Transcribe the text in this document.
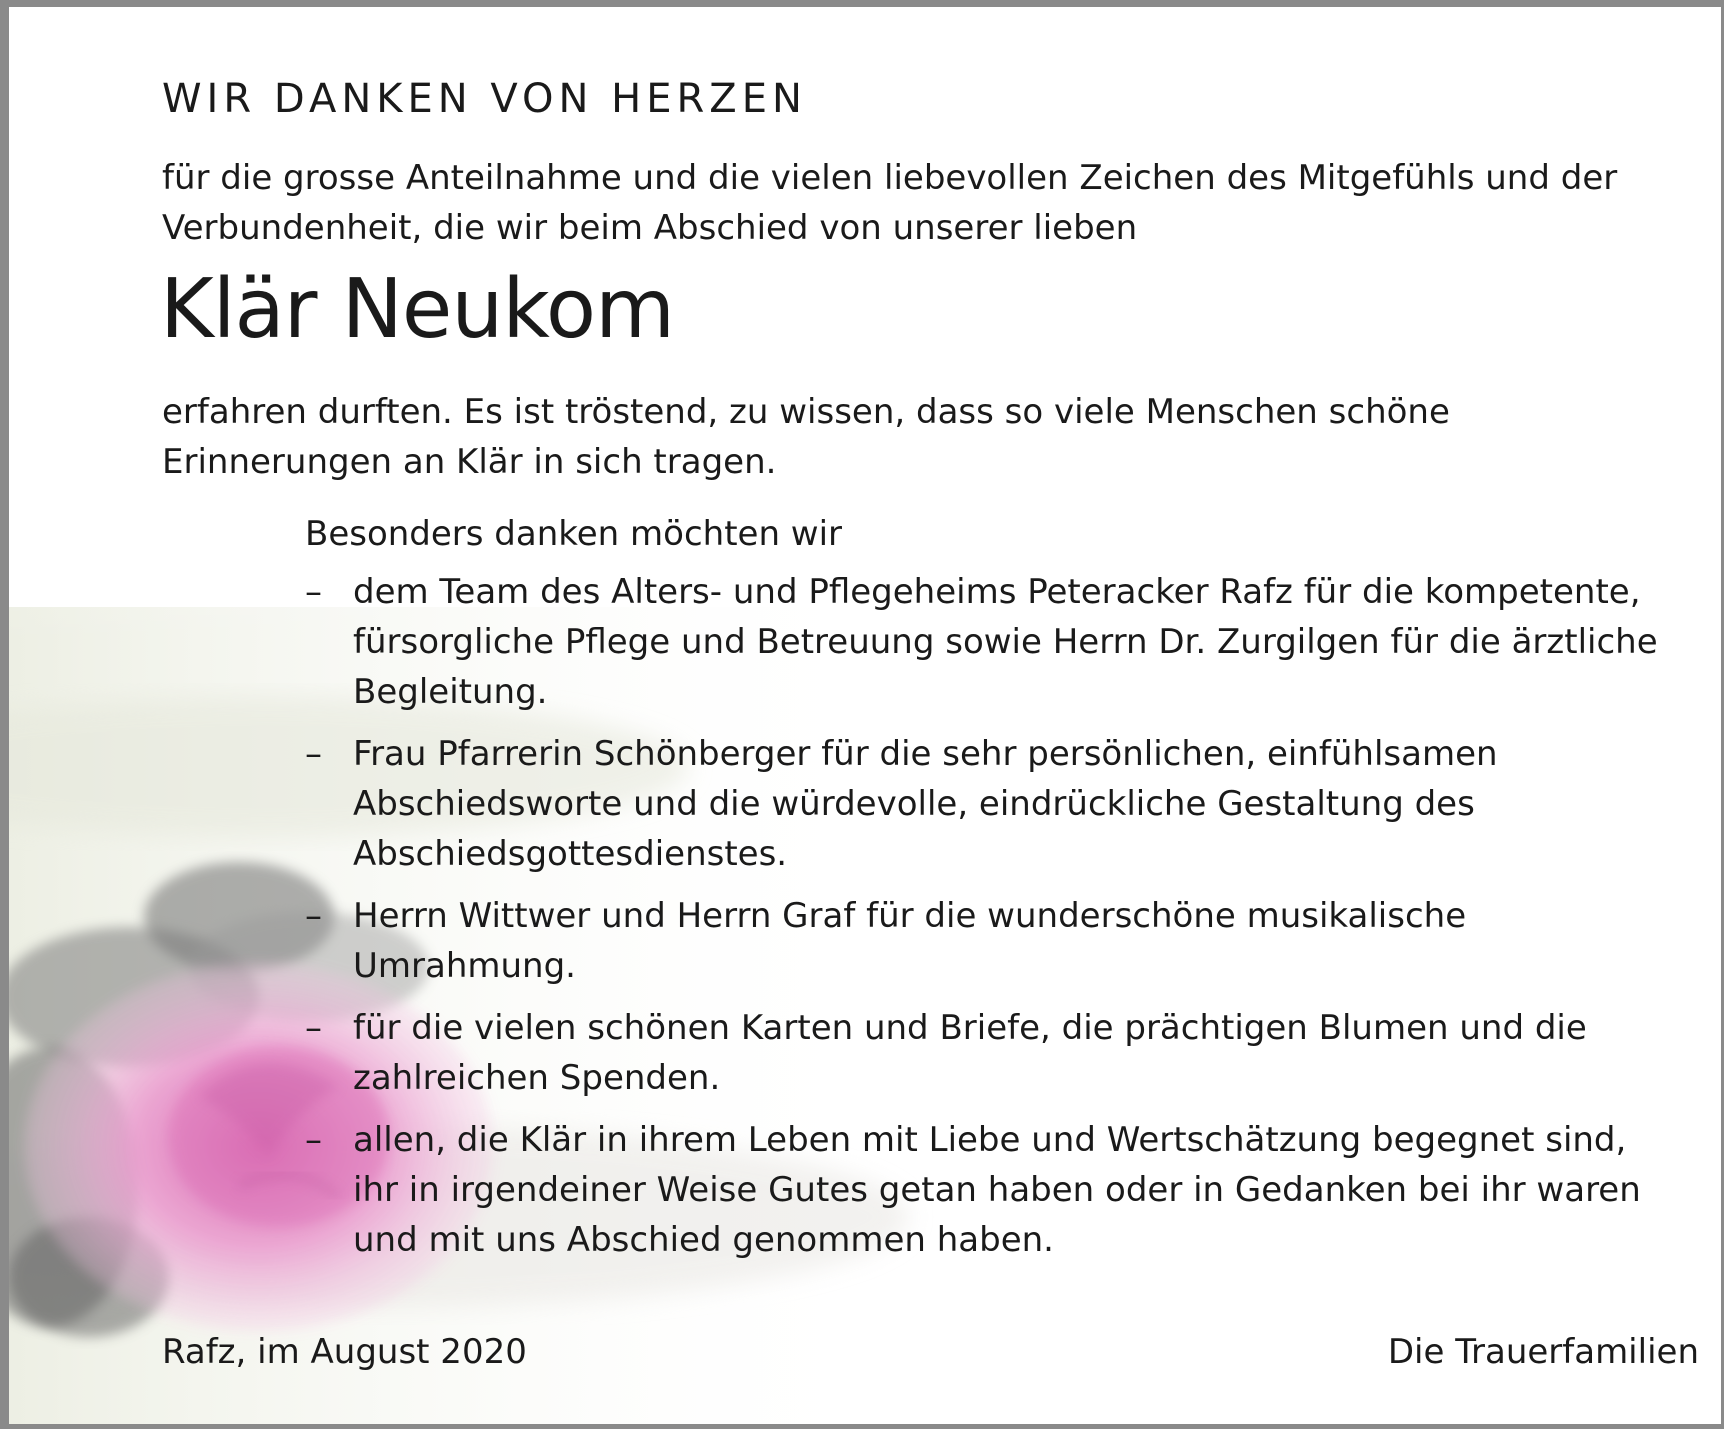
WIR DANKEN VON HERZEN

für die grosse Anteilnahme und die vielen liebevollen Zeichen des Mitgefühls und der Verbundenheit, die wir beim Abschied von unserer lieben

Klär Neukom

erfahren durften. Es ist tröstend, zu wissen, dass so viele Menschen schöne Erinnerungen an Klär in sich tragen.

Besonders danken möchten wir

– dem Team des Alters- und Pflegeheims Peteracker Rafz für die kompetente, fürsorgliche Pflege und Betreuung sowie Herrn Dr. Zurgilgen für die ärztliche Begleitung.
– Frau Pfarrerin Schönberger für die sehr persönlichen, einfühlsamen Abschiedsworte und die würdevolle, eindrückliche Gestaltung des Abschiedsgottesdienstes.
– Herrn Wittwer und Herrn Graf für die wunderschöne musikalische Umrahmung.
– für die vielen schönen Karten und Briefe, die prächtigen Blumen und die zahlreichen Spenden.
– allen, die Klär in ihrem Leben mit Liebe und Wertschätzung begegnet sind, ihr in irgendeiner Weise Gutes getan haben oder in Gedanken bei ihr waren und mit uns Abschied genommen haben.

Rafz, im August 2020	Die Trauerfamilien
